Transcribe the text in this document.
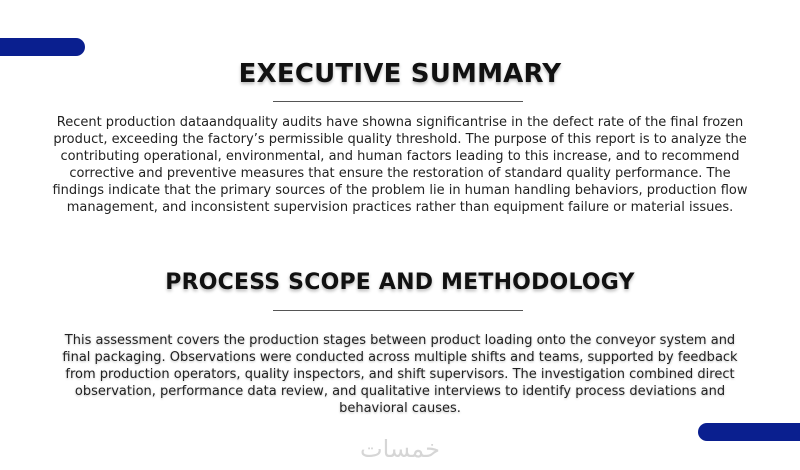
EXECUTIVE SUMMARY

Recent production dataandquality audits have showna significantrise in the defect rate of the final frozen product, exceeding the factory’s permissible quality threshold. The purpose of this report is to analyze the contributing operational, environmental, and human factors leading to this increase, and to recommend corrective and preventive measures that ensure the restoration of standard quality performance. The findings indicate that the primary sources of the problem lie in human handling behaviors, production flow management, and inconsistent supervision practices rather than equipment failure or material issues.

PROCESS SCOPE AND METHODOLOGY

This assessment covers the production stages between product loading onto the conveyor system and final packaging. Observations were conducted across multiple shifts and teams, supported by feedback from production operators, quality inspectors, and shift supervisors. The investigation combined direct observation, performance data review, and qualitative interviews to identify process deviations and behavioral causes.

خمسات
